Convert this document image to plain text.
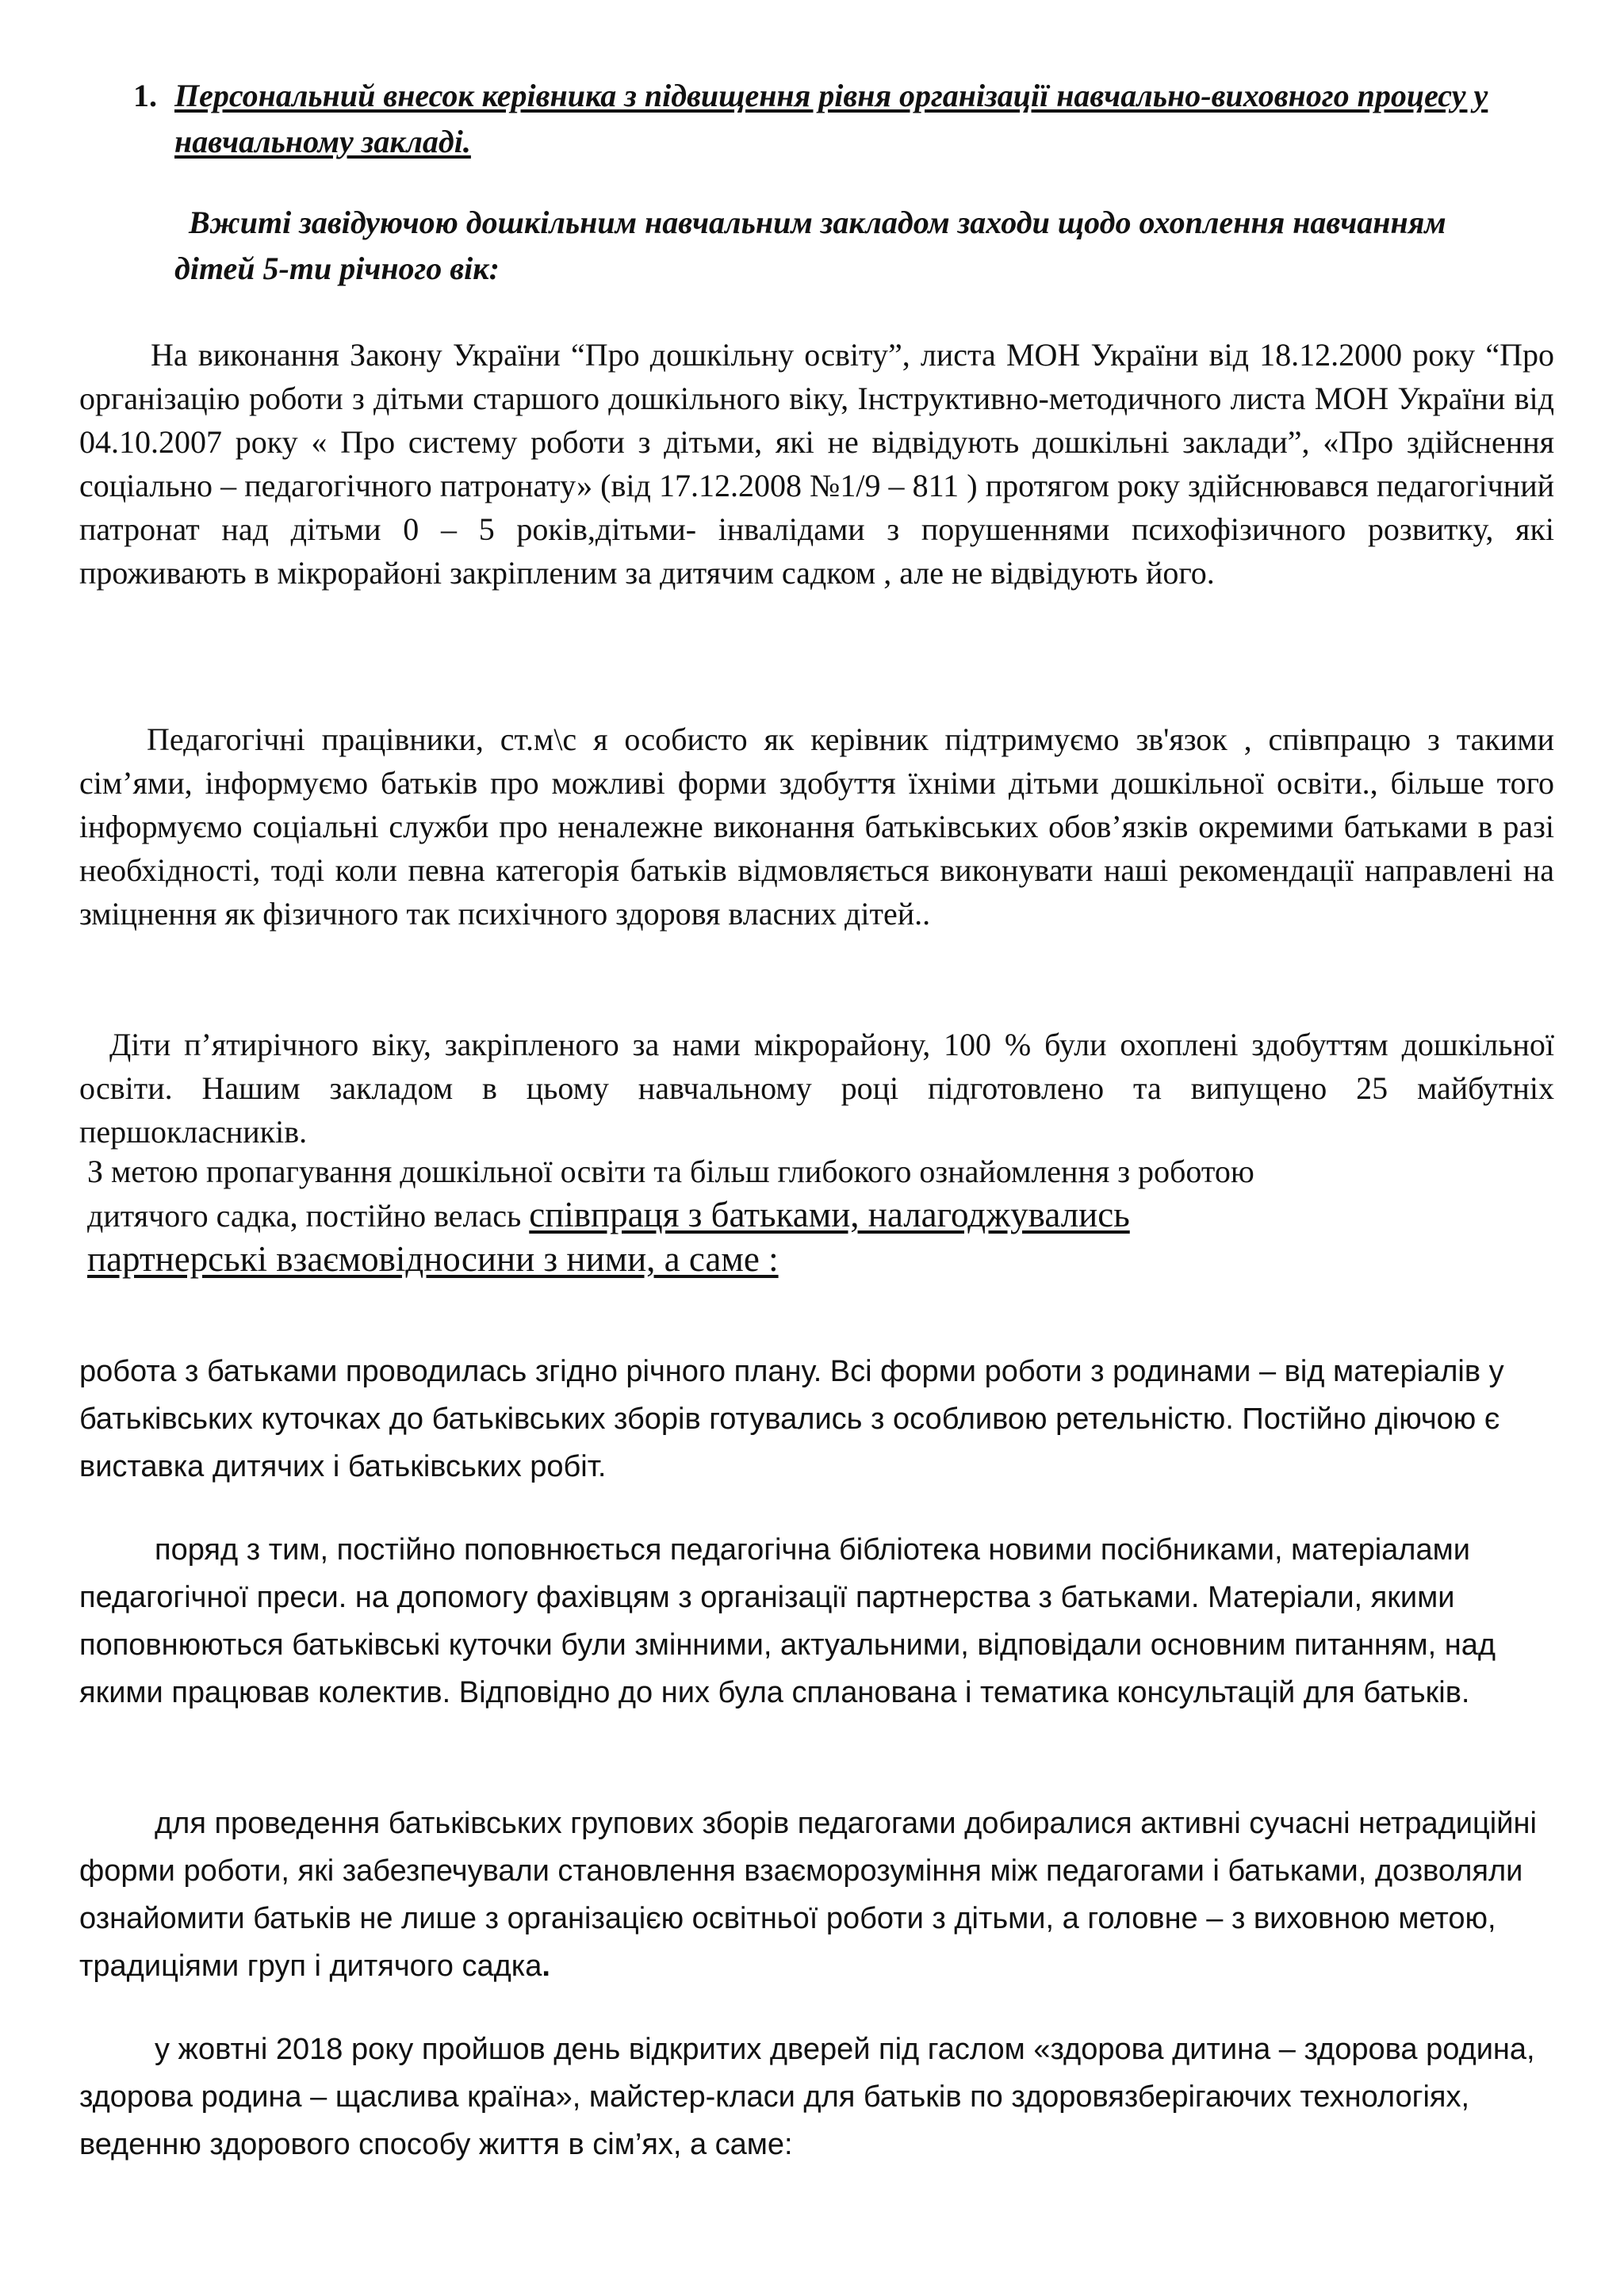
1. Персональний внесок керівника з підвищення рівня організації навчально-виховного процесу у навчальному закладі.
Вжиті завідуючою дошкільним навчальним закладом заходи щодо охоплення навчанням дітей 5-ти річного вік:

На виконання Закону України “Про дошкільну освіту”, листа МОН України від 18.12.2000 року “Про організацію роботи з дітьми старшого дошкільного віку, Інструктивно-методичного листа МОН України від 04.10.2007 року « Про систему роботи з дітьми, які не відвідують дошкільні заклади”, «Про здійснення соціально – педагогічного патронату» (від 17.12.2008 №1/9 – 811 ) протягом року здійснювався педагогічний патронат над дітьми 0 – 5 років,дітьми- інвалідами з порушеннями психофізичного розвитку, які проживають в мікрорайоні закріпленим за дитячим садком , але не відвідують його.

Педагогічні працівники, ст.м\с я особисто як керівник підтримуємо зв'язок , співпрацю з такими сім’ями, інформуємо батьків про можливі форми здобуття їхніми дітьми дошкільної освіти., більше того інформуємо соціальні служби про неналежне виконання батьківських обов’язків окремими батьками в разі необхідності, тоді коли певна категорія батьків відмовляється виконувати наші рекомендації направлені на зміцнення як фізичного так психічного здоровя власних дітей..

Діти п’ятирічного віку, закріпленого за нами мікрорайону, 100 % були охоплені здобуттям дошкільної освіти. Нашим закладом в цьому навчальному році підготовлено та випущено 25 майбутніх першокласників.

З метою пропагування дошкільної освіти та більш глибокого ознайомлення з роботою
дитячого садка, постійно велась співпраця з батьками, налагоджувались
партнерські взаємовідносини з ними, а саме :

робота з батьками проводилась згідно річного плану. Всі форми роботи з родинами – від матеріалів у батьківських куточках до батьківських зборів готувались з особливою ретельністю. Постійно діючою є виставка дитячих і батьківських робіт.

поряд з тим, постійно поповнюється педагогічна бібліотека новими посібниками, матеріалами педагогічної преси. на допомогу фахівцям з організації партнерства з батьками. Матеріали, якими поповнюються батьківські куточки були змінними, актуальними, відповідали основним питанням, над якими працював колектив. Відповідно до них була спланована і тематика консультацій для батьків.

для проведення батьківських групових зборів педагогами добиралися активні сучасні нетрадиційні форми роботи, які забезпечували становлення взаєморозуміння між педагогами і батьками, дозволяли ознайомити батьків не лише з організацією освітньої роботи з дітьми, а головне – з виховною метою, традиціями груп і дитячого садка.

у жовтні 2018 року пройшов день відкритих дверей під гаслом «здорова дитина – здорова родина, здорова родина – щаслива країна», майстер-класи для батьків по здоровязберігаючих технологіях, веденню здорового способу життя в сім’ях, а саме:
